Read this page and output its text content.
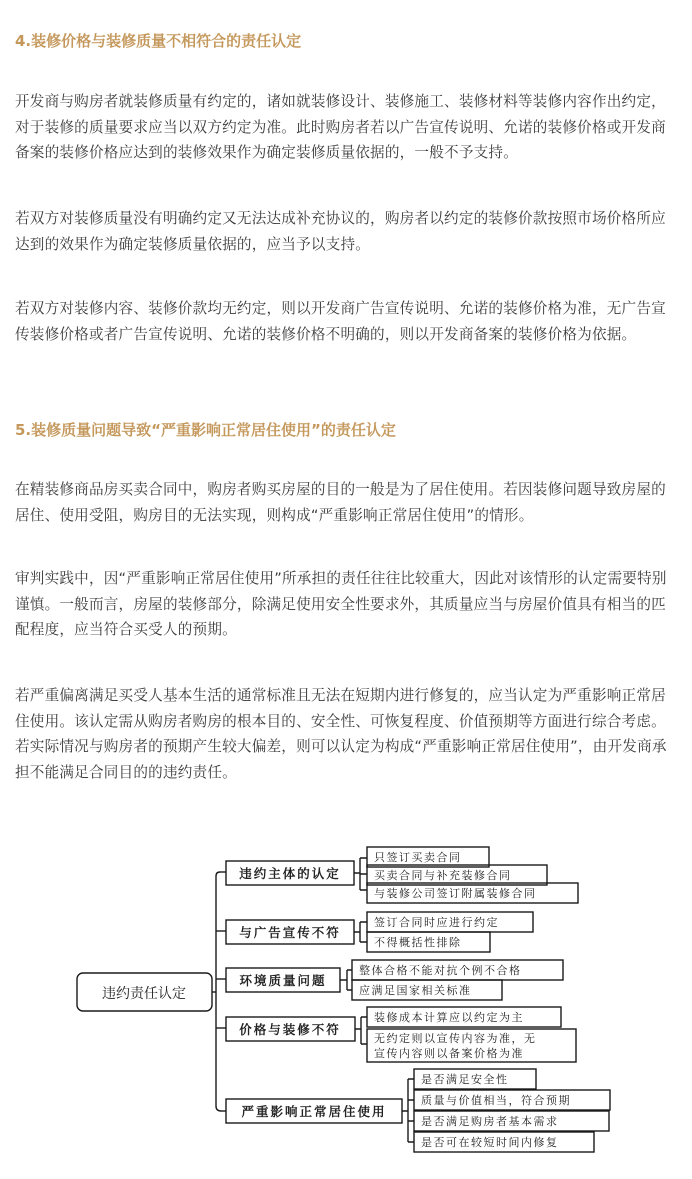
4.装修价格与装修质量不相符合的责任认定
开发商与购房者就装修质量有约定的，诸如就装修设计、装修施工、装修材料等装修内容作出约定，对于装修的质量要求应当以双方约定为准。此时购房者若以广告宣传说明、允诺的装修价格或开发商备案的装修价格应达到的装修效果作为确定装修质量依据的，一般不予支持。
若双方对装修质量没有明确约定又无法达成补充协议的，购房者以约定的装修价款按照市场价格所应达到的效果作为确定装修质量依据的，应当予以支持。
若双方对装修内容、装修价款均无约定，则以开发商广告宣传说明、允诺的装修价格为准，无广告宣传装修价格或者广告宣传说明、允诺的装修价格不明确的，则以开发商备案的装修价格为依据。
5.装修质量问题导致“严重影响正常居住使用”的责任认定
在精装修商品房买卖合同中，购房者购买房屋的目的一般是为了居住使用。若因装修问题导致房屋的居住、使用受阻，购房目的无法实现，则构成“严重影响正常居住使用”的情形。
审判实践中，因“严重影响正常居住使用”所承担的责任往往比较重大，因此对该情形的认定需要特别谨慎。一般而言，房屋的装修部分，除满足使用安全性要求外，其质量应当与房屋价值具有相当的匹配程度，应当符合买受人的预期。
若严重偏离满足买受人基本生活的通常标准且无法在短期内进行修复的，应当认定为严重影响正常居住使用。该认定需从购房者购房的根本目的、安全性、可恢复程度、价值预期等方面进行综合考虑。若实际情况与购房者的预期产生较大偏差，则可以认定为构成“严重影响正常居住使用”，由开发商承担不能满足合同目的的违约责任。
违约责任认定
违约主体的认定
与广告宣传不符
环境质量问题
价格与装修不符
严重影响正常居住使用
只签订买卖合同
买卖合同与补充装修合同
与装修公司签订附属装修合同
签订合同时应进行约定
不得概括性排除
整体合格不能对抗个例不合格
应满足国家相关标准
装修成本计算应以约定为主
无约定则以宣传内容为准，无
宣传内容则以备案价格为准
是否满足安全性
质量与价值相当，符合预期
是否满足购房者基本需求
是否可在较短时间内修复
